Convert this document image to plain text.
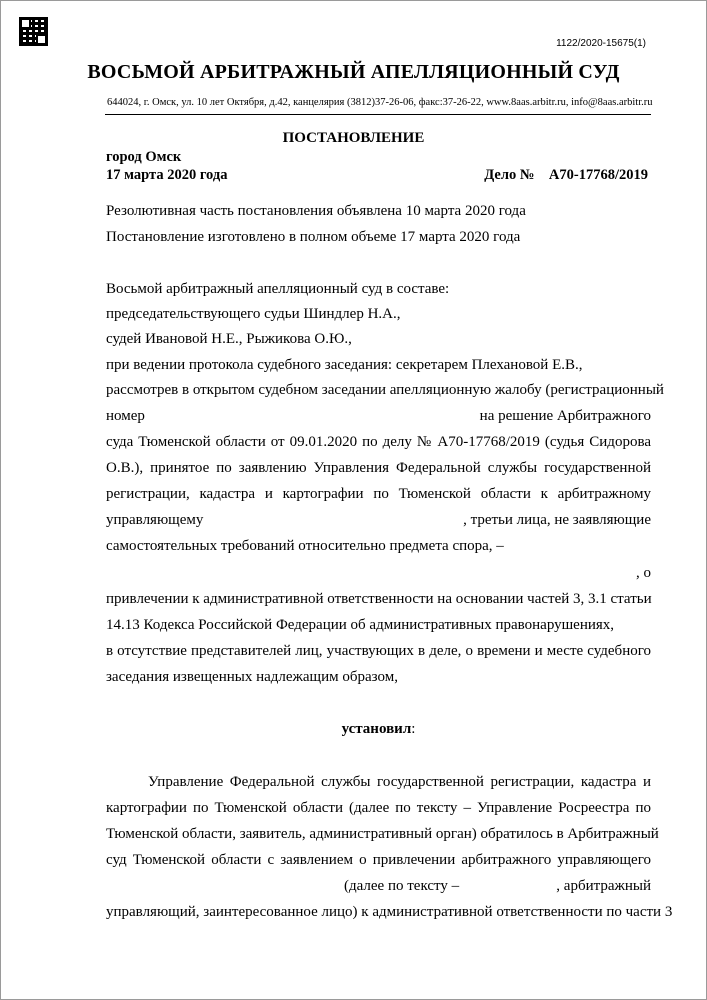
1122/2020-15675(1)
ВОСЬМОЙ АРБИТРАЖНЫЙ АПЕЛЛЯЦИОННЫЙ СУД
644024, г. Омск, ул. 10 лет Октября, д.42, канцелярия (3812)37-26-06, факс:37-26-22, www.8aas.arbitr.ru, info@8aas.arbitr.ru
ПОСТАНОВЛЕНИЕ
город Омск
17 марта 2020 года	Дело № А70-17768/2019
Резолютивная часть постановления объявлена 10 марта 2020 года
Постановление изготовлено в полном объеме 17 марта 2020 года
Восьмой арбитражный апелляционный суд в составе:
председательствующего судьи Шиндлер Н.А.,
судей Ивановой Н.Е., Рыжикова О.Ю.,
при ведении протокола судебного заседания: секретарем Плехановой Е.В.,
рассмотрев в открытом судебном заседании апелляционную жалобу (регистрационный
номер	на решение Арбитражного
суда Тюменской области от 09.01.2020 по делу № А70-17768/2019 (судья Сидорова
О.В.), принятое по заявлению Управления Федеральной службы государственной
регистрации, кадастра и картографии по Тюменской области к арбитражному
управляющему	, третьи лица, не заявляющие
самостоятельных требований относительно предмета спора, –
, о
привлечении к административной ответственности на основании частей 3, 3.1 статьи
14.13 Кодекса Российской Федерации об административных правонарушениях,
в отсутствие представителей лиц, участвующих в деле, о времени и месте судебного
заседания извещенных надлежащим образом,
установил:
Управление Федеральной службы государственной регистрации, кадастра и
картографии по Тюменской области (далее по тексту – Управление Росреестра по
Тюменской области, заявитель, административный орган) обратилось в Арбитражный
суд Тюменской области с заявлением о привлечении арбитражного управляющего
(далее по тексту –	, арбитражный
управляющий, заинтересованное лицо) к административной ответственности по части 3
